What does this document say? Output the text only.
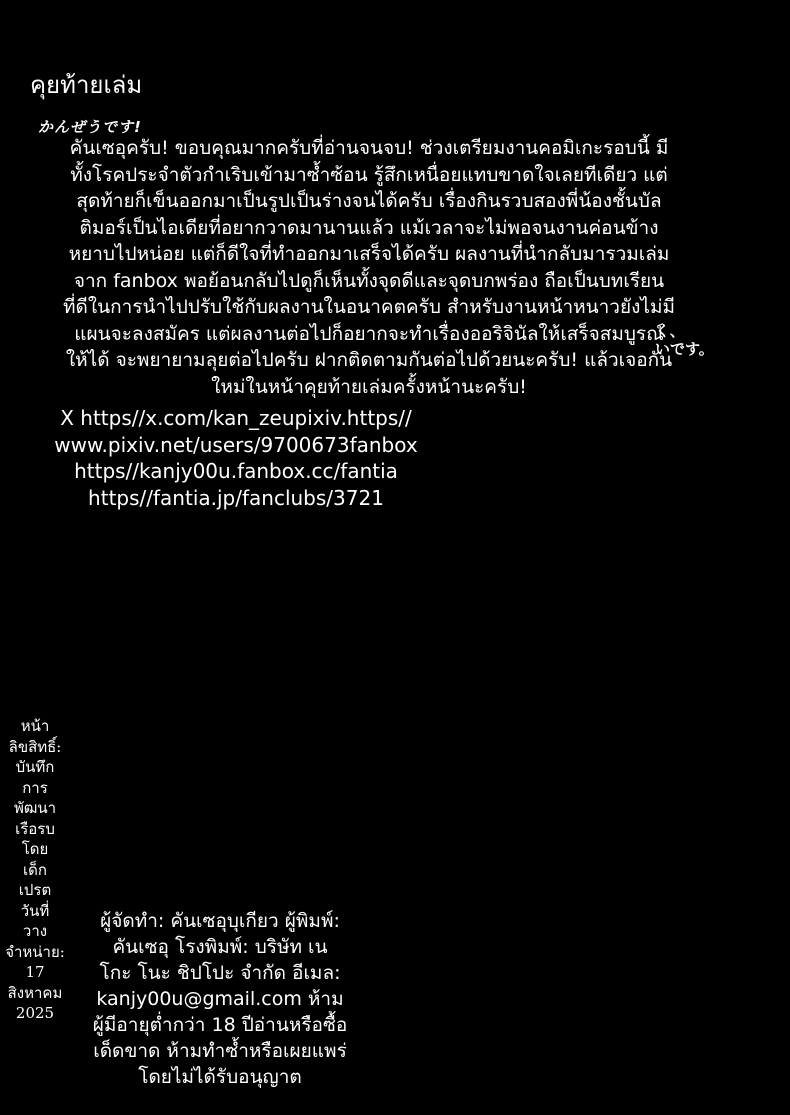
คุยท้ายเล่ม
かんぜうです!
คันเซอุครับ! ขอบคุณมากครับที่อ่านจนจบ! ช่วงเตรียมงานคอมิเกะรอบนี้ มี
ทั้งโรคประจำตัวกำเริบเข้ามาซ้ำซ้อน รู้สึกเหนื่อยแทบขาดใจเลยทีเดียว แต่
สุดท้ายก็เข็นออกมาเป็นรูปเป็นร่างจนได้ครับ เรื่องกินรวบสองพี่น้องชั้นบัล
ติมอร์เป็นไอเดียที่อยากวาดมานานแล้ว แม้เวลาจะไม่พอจนงานค่อนข้าง
หยาบไปหน่อย แต่ก็ดีใจที่ทำออกมาเสร็จได้ครับ ผลงานที่นำกลับมารวมเล่ม
จาก fanbox พอย้อนกลับไปดูก็เห็นทั้งจุดดีและจุดบกพร่อง ถือเป็นบทเรียน
ที่ดีในการนำไปปรับใช้กับผลงานในอนาคตครับ สำหรับงานหน้าหนาวยังไม่มี
แผนจะลงสมัคร แต่ผลงานต่อไปก็อยากจะทำเรื่องออริจินัลให้เสร็จสมบูรณ์
ให้ได้ จะพยายามลุยต่อไปครับ ฝากติดตามกันต่อไปด้วยนะครับ! แล้วเจอกัน
ใหม่ในหน้าคุยท้ายเล่มครั้งหน้านะครับ!
く、
いです。
X https//x.com/kan_zeupixiv.https//
www.pixiv.net/users/9700673fanbox
https//kanjy00u.fanbox.cc/fantia
https//fantia.jp/fanclubs/3721
หน้า
ลิขสิทธิ์:
บันทึก
การ
พัฒนา
เรือรบ
โดย
เด็ก
เปรต
วันที่
วาง
จำหน่าย:
17
สิงหาคม
2025
ผู้จัดทำ: คันเซอุบุเกียว ผู้พิมพ์:
คันเซอุ โรงพิมพ์: บริษัท เน
โกะ โนะ ชิปโปะ จำกัด อีเมล:
kanjy00u@gmail.com ห้าม
ผู้มีอายุต่ำกว่า 18 ปีอ่านหรือซื้อ
เด็ดขาด ห้ามทำซ้ำหรือเผยแพร่
โดยไม่ได้รับอนุญาต
